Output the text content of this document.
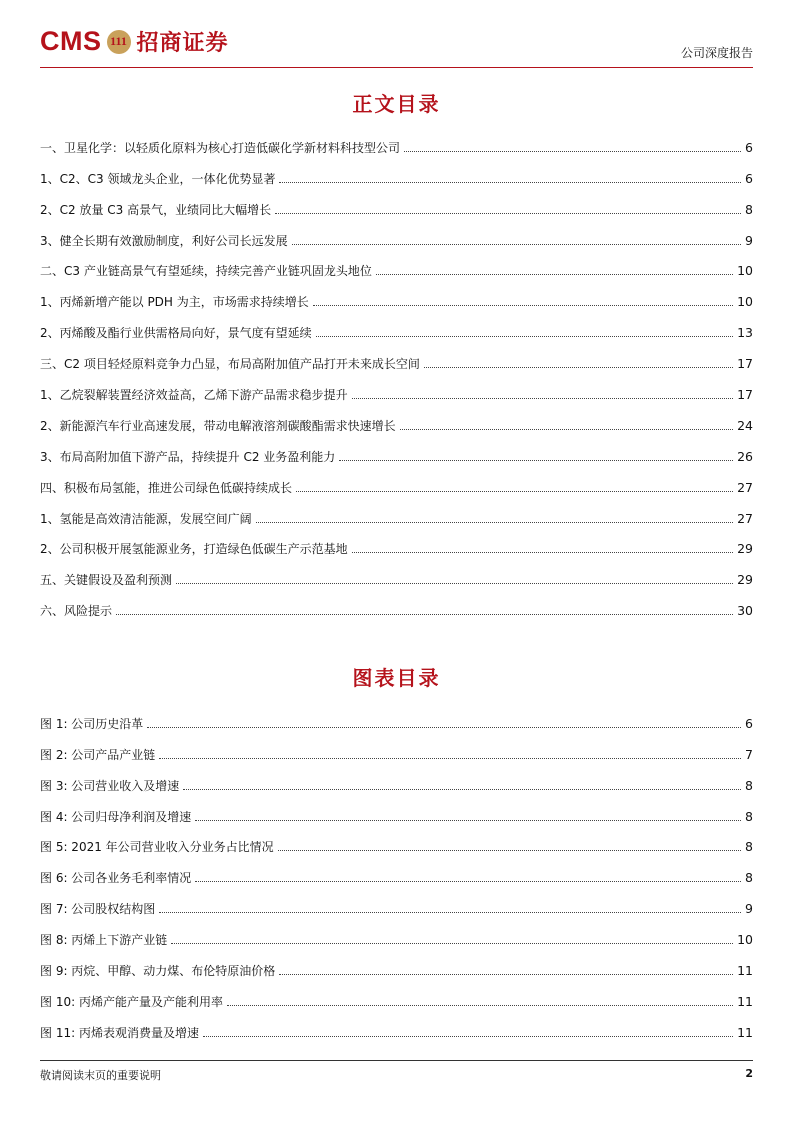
CMS 111 招商证券	公司深度报告
正文目录
一、卫星化学：以轻质化原料为核心打造低碳化学新材料科技型公司	6
1、C2、C3 领域龙头企业，一体化优势显著	6
2、C2 放量 C3 高景气，业绩同比大幅增长	8
3、健全长期有效激励制度，利好公司长远发展	9
二、C3 产业链高景气有望延续，持续完善产业链巩固龙头地位	10
1、丙烯新增产能以 PDH 为主，市场需求持续增长	10
2、丙烯酸及酯行业供需格局向好，景气度有望延续	13
三、C2 项目轻烃原料竞争力凸显，布局高附加值产品打开未来成长空间	17
1、乙烷裂解装置经济效益高，乙烯下游产品需求稳步提升	17
2、新能源汽车行业高速发展，带动电解液溶剂碳酸酯需求快速增长	24
3、布局高附加值下游产品，持续提升 C2 业务盈利能力	26
四、积极布局氢能，推进公司绿色低碳持续成长	27
1、氢能是高效清洁能源，发展空间广阔	27
2、公司积极开展氢能源业务，打造绿色低碳生产示范基地	29
五、关键假设及盈利预测	29
六、风险提示	30
图表目录
图 1: 公司历史沿革	6
图 2: 公司产品产业链	7
图 3: 公司营业收入及增速	8
图 4: 公司归母净利润及增速	8
图 5: 2021 年公司营业收入分业务占比情况	8
图 6: 公司各业务毛利率情况	8
图 7: 公司股权结构图	9
图 8: 丙烯上下游产业链	10
图 9: 丙烷、甲醇、动力煤、布伦特原油价格	11
图 10: 丙烯产能产量及产能利用率	11
图 11: 丙烯表观消费量及增速	11
敬请阅读末页的重要说明	2
